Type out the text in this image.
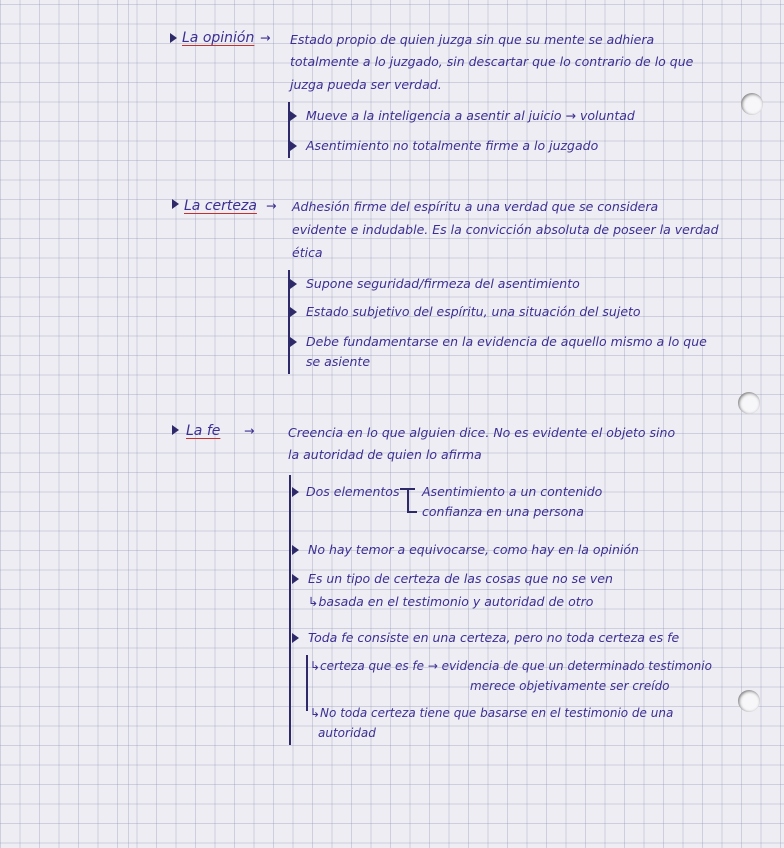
La opinión → Estado propio de quien juzga sin que su mente se adhiera
totalmente a lo juzgado, sin descartar que lo contrario de lo que
juzga pueda ser verdad.
Mueve a la inteligencia a asentir al juicio → voluntad
Asentimiento no totalmente firme a lo juzgado
La certeza → Adhesión firme del espíritu a una verdad que se considera
evidente e indudable. Es la convicción absoluta de poseer la verdad
ética
Supone seguridad/firmeza del asentimiento
Estado subjetivo del espíritu, una situación del sujeto
Debe fundamentarse en la evidencia de aquello mismo a lo que
se asiente
La fe →	Creencia en lo que alguien dice. No es evidente el objeto sino
la autoridad de quien lo afirma
Dos elementos Asentimiento a un contenido
confianza en una persona
No hay temor a equivocarse, como hay en la opinión
Es un tipo de certeza de las cosas que no se ven
↳basada en el testimonio y autoridad de otro
Toda fe consiste en una certeza, pero no toda certeza es fe
↳certeza que es fe → evidencia de que un determinado testimonio
merece objetivamente ser creído
↳No toda certeza tiene que basarse en el testimonio de una
autoridad
